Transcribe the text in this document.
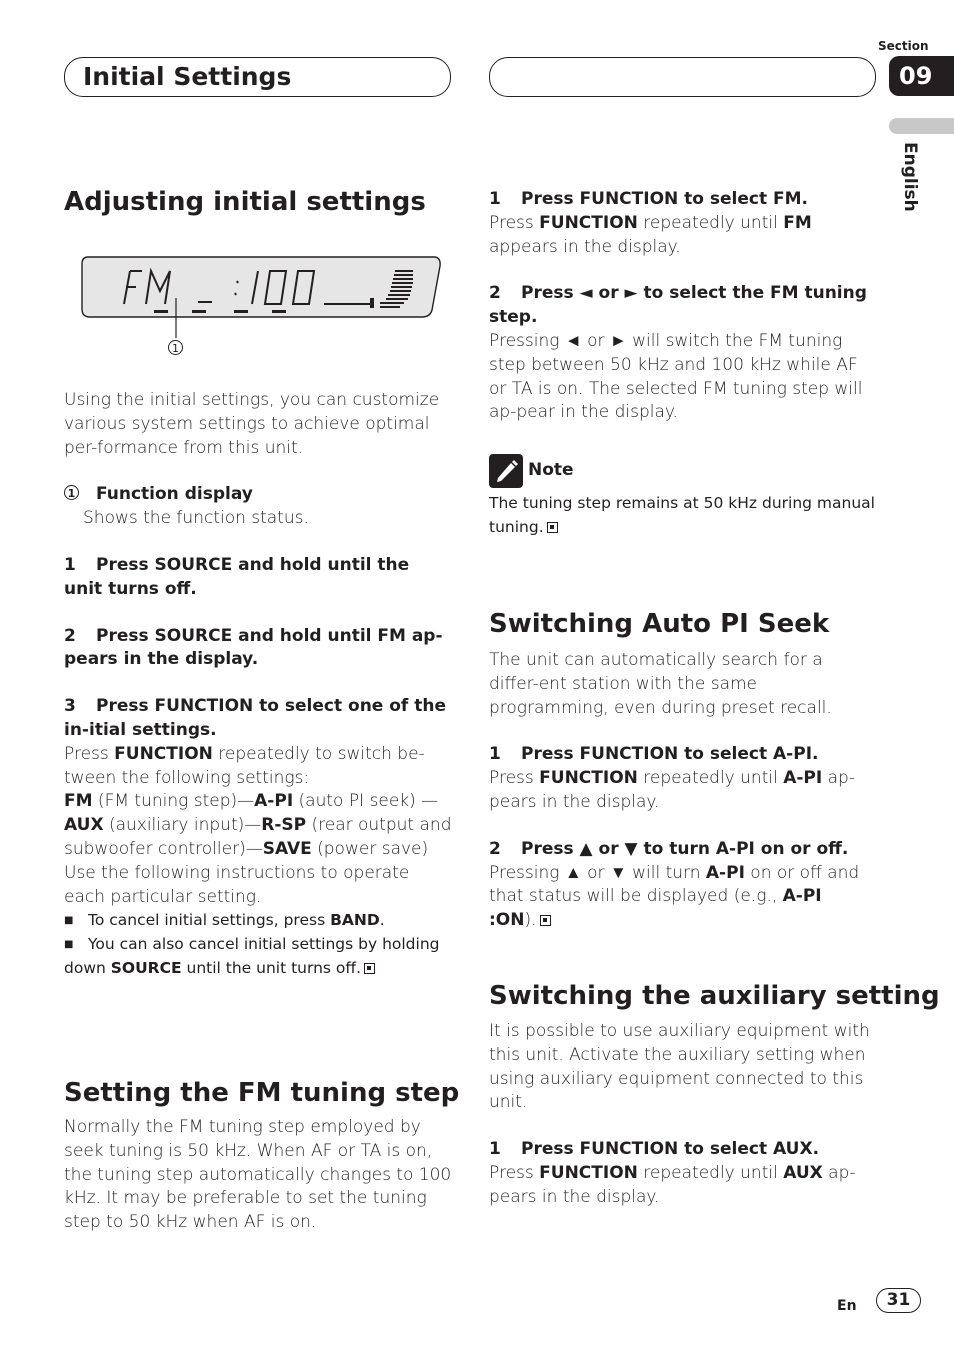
Initial Settings
Section
09
English
Adjusting initial settings
1

Using the initial settings, you can customize various system settings to achieve optimal per-formance from this unit.

1 Function display

Shows the function status.

1 Press SOURCE and hold until the unit turns off.

2 Press SOURCE and hold until FM ap-pears in the display.

3 Press FUNCTION to select one of the in-itial settings.

Press FUNCTION repeatedly to switch be-tween the following settings:
FM (FM tuning step)—A-PI (auto PI seek) —AUX (auxiliary input)—R-SP (rear output and subwoofer controller)—SAVE (power save)
Use the following instructions to operate each particular setting.

■ To cancel initial settings, press BAND.

■ You can also cancel initial settings by holding down SOURCE until the unit turns off.

Setting the FM tuning step

Normally the FM tuning step employed by seek tuning is 50 kHz. When AF or TA is on, the tuning step automatically changes to 100 kHz. It may be preferable to set the tuning step to 50 kHz when AF is on.

1 Press FUNCTION to select FM.

Press FUNCTION repeatedly until FM appears in the display.

2 Press ◄ or ► to select the FM tuning step.

Pressing ◄ or ► will switch the FM tuning step between 50 kHz and 100 kHz while AF or TA is on. The selected FM tuning step will ap-pear in the display.

Note
The tuning step remains at 50 kHz during manual tuning.
Switching Auto PI Seek

The unit can automatically search for a differ-ent station with the same programming, even during preset recall.

1 Press FUNCTION to select A-PI.

Press FUNCTION repeatedly until A-PI ap-pears in the display.

2 Press ▲ or ▼ to turn A-PI on or off.

Pressing ▲ or ▼ will turn A-PI on or off and that status will be displayed (e.g., A-PI :ON).

Switching the auxiliary setting

It is possible to use auxiliary equipment with this unit. Activate the auxiliary setting when using auxiliary equipment connected to this unit.

1 Press FUNCTION to select AUX.

Press FUNCTION repeatedly until AUX ap-pears in the display.

En	31
